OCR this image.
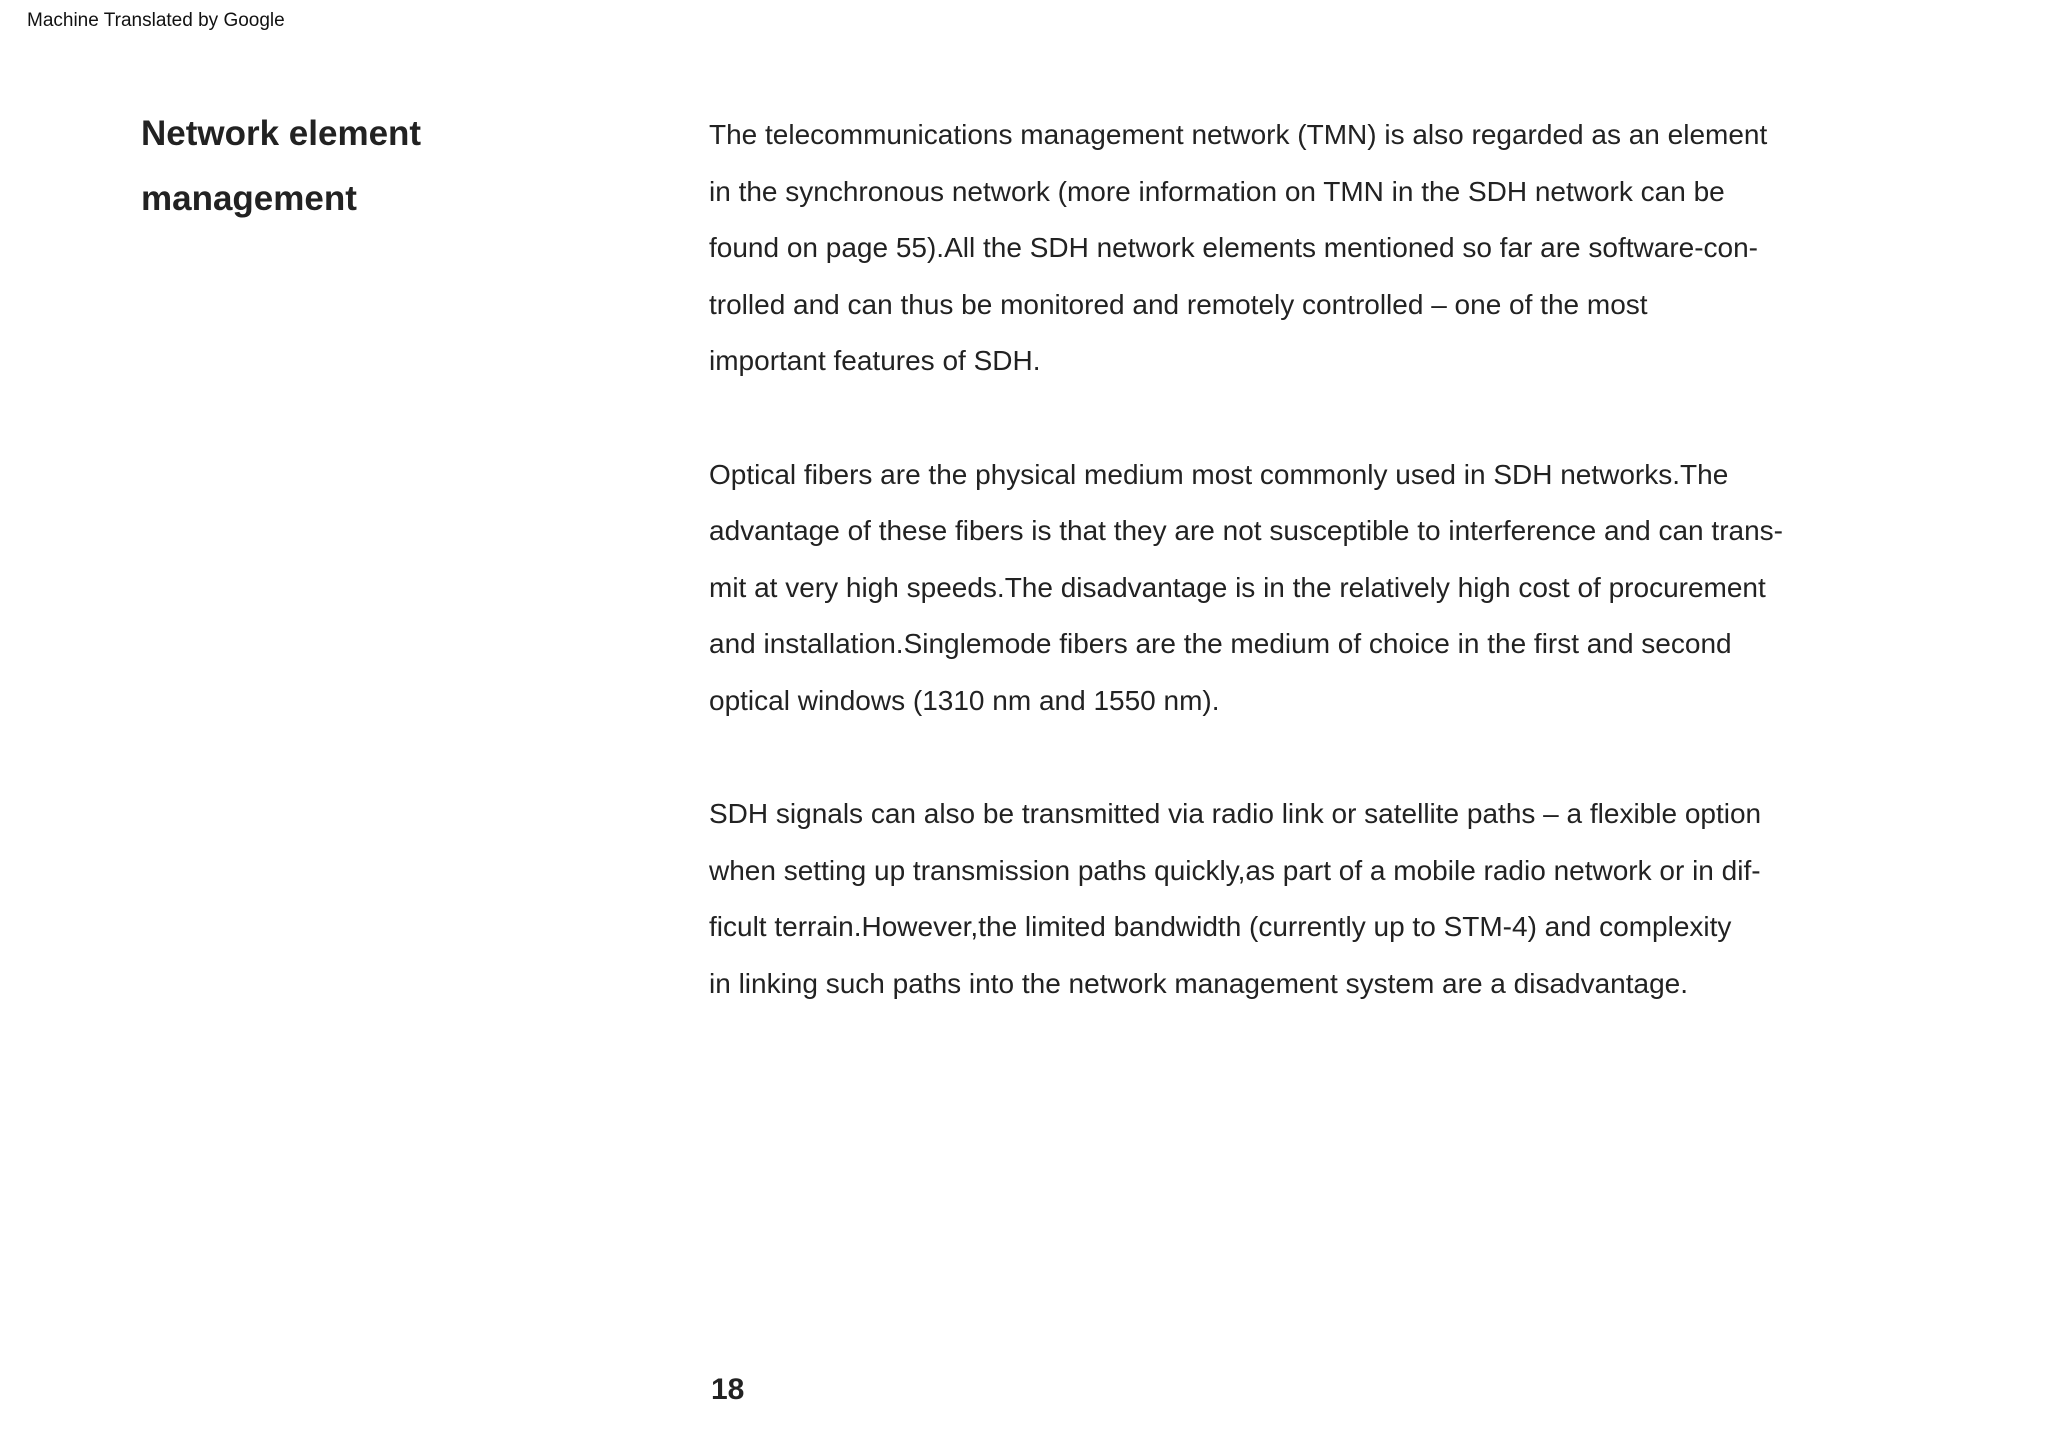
Machine Translated by Google
Network element
management

The telecommunications management network (TMN) is also regarded as an element
in the synchronous network (more information on TMN in the SDH network can be
found on page 55).All the SDH network elements mentioned so far are software-con-
trolled and can thus be monitored and remotely controlled – one of the most
important features of SDH.

Optical fibers are the physical medium most commonly used in SDH networks.The
advantage of these fibers is that they are not susceptible to interference and can trans-
mit at very high speeds.The disadvantage is in the relatively high cost of procurement
and installation.Singlemode fibers are the medium of choice in the first and second
optical windows (1310 nm and 1550 nm).

SDH signals can also be transmitted via radio link or satellite paths – a flexible option
when setting up transmission paths quickly,as part of a mobile radio network or in dif-
ficult terrain.However,the limited bandwidth (currently up to STM-4) and complexity
in linking such paths into the network management system are a disadvantage.

18
